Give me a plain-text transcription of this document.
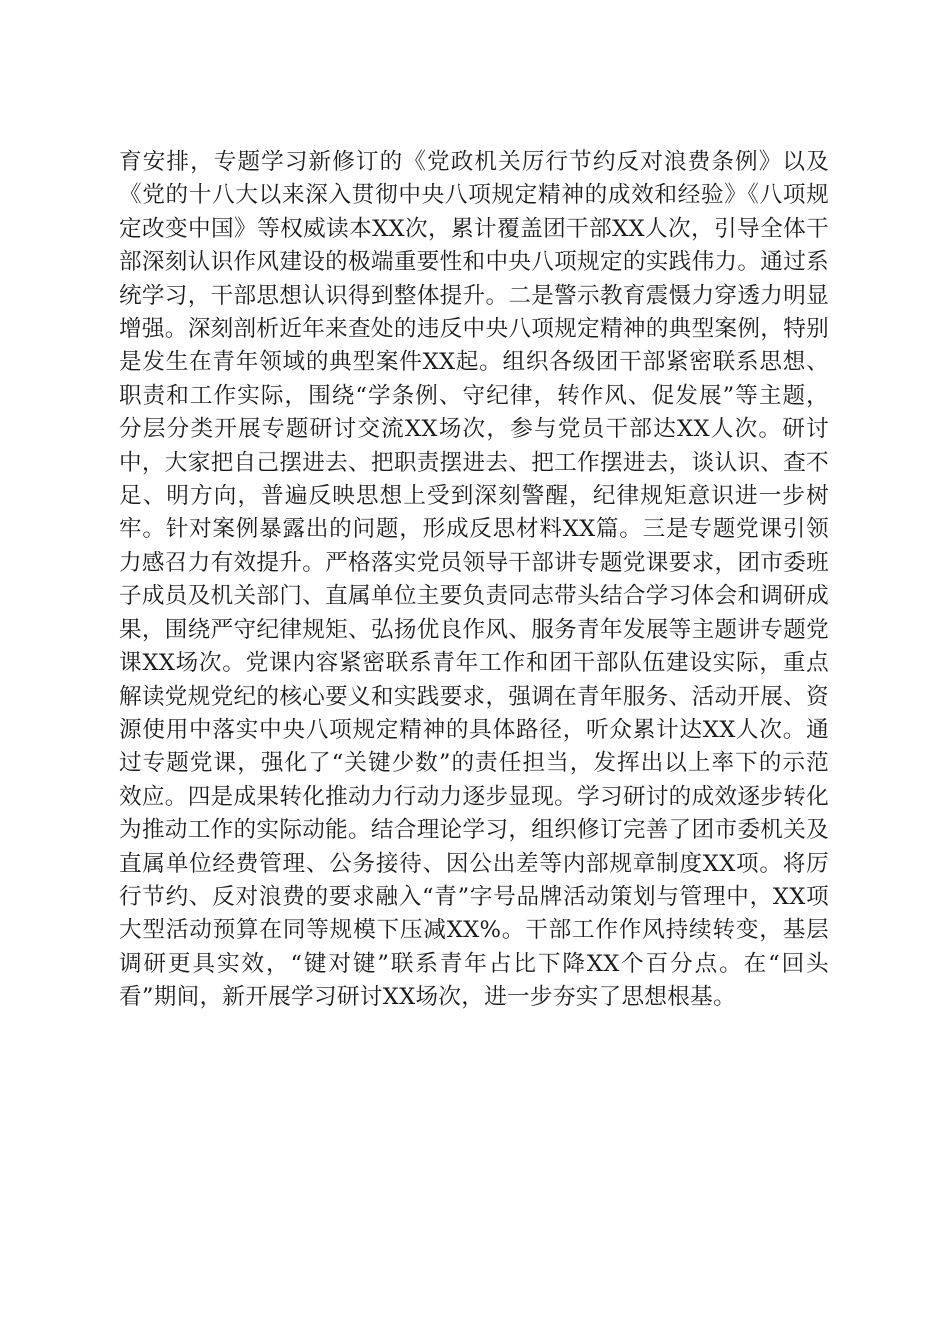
育安排，专题学习新修订的《党政机关厉行节约反对浪费条例》以及《党的十八大以来深入贯彻中央八项规定精神的成效和经验》《八项规定改变中国》等权威读本XX次，累计覆盖团干部XX人次，引导全体干部深刻认识作风建设的极端重要性和中央八项规定的实践伟力。通过系统学习，干部思想认识得到整体提升。二是警示教育震慑力穿透力明显增强。深刻剖析近年来查处的违反中央八项规定精神的典型案例，特别是发生在青年领域的典型案件XX起。组织各级团干部紧密联系思想、职责和工作实际，围绕“学条例、守纪律，转作风、促发展”等主题，分层分类开展专题研讨交流XX场次，参与党员干部达XX人次。研讨中，大家把自己摆进去、把职责摆进去、把工作摆进去，谈认识、查不足、明方向，普遍反映思想上受到深刻警醒，纪律规矩意识进一步树牢。针对案例暴露出的问题，形成反思材料XX篇。三是专题党课引领力感召力有效提升。严格落实党员领导干部讲专题党课要求，团市委班子成员及机关部门、直属单位主要负责同志带头结合学习体会和调研成果，围绕严守纪律规矩、弘扬优良作风、服务青年发展等主题讲专题党课XX场次。党课内容紧密联系青年工作和团干部队伍建设实际，重点解读党规党纪的核心要义和实践要求，强调在青年服务、活动开展、资源使用中落实中央八项规定精神的具体路径，听众累计达XX人次。通过专题党课，强化了“关键少数”的责任担当，发挥出以上率下的示范效应。四是成果转化推动力行动力逐步显现。学习研讨的成效逐步转化为推动工作的实际动能。结合理论学习，组织修订完善了团市委机关及直属单位经费管理、公务接待、因公出差等内部规章制度XX项。将厉行节约、反对浪费的要求融入“青”字号品牌活动策划与管理中，XX项大型活动预算在同等规模下压减XX%。干部工作作风持续转变，基层调研更具实效，“键对键”联系青年占比下降XX个百分点。在“回头看”期间，新开展学习研讨XX场次，进一步夯实了思想根基。
